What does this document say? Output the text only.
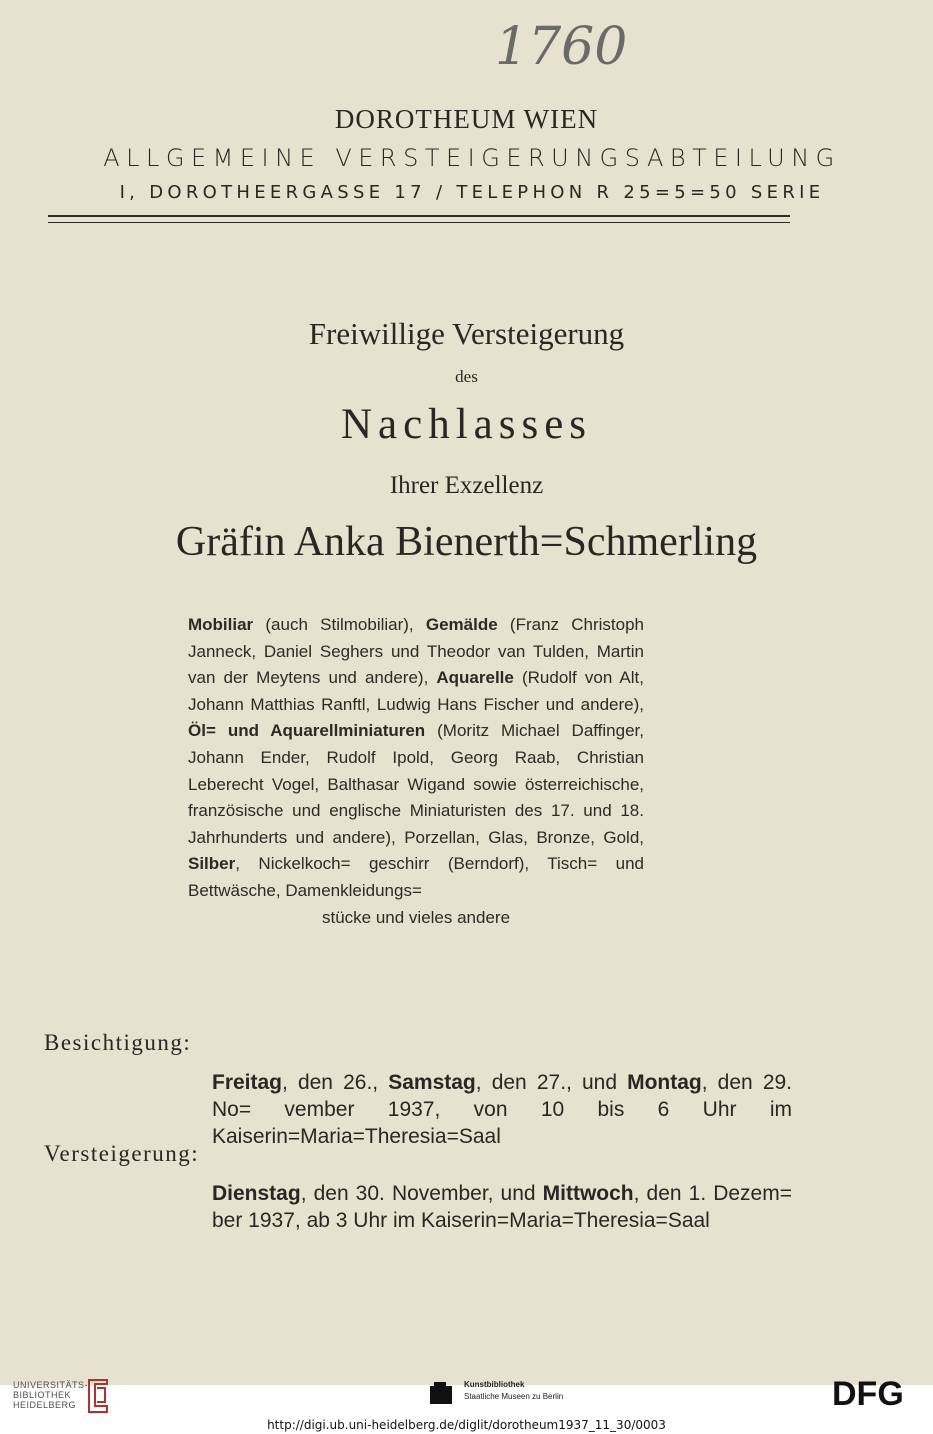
1760
DOROTHEUM WIEN
ALLGEMEINE VERSTEIGERUNGSABTEILUNG
I, DOROTHEERGASSE 17 / TELEPHON R 25=5=50 SERIE
Freiwillige Versteigerung
des
Nachlasses
Ihrer Exzellenz
Gräfin Anka Bienerth=Schmerling
Mobiliar (auch Stilmobiliar), Gemälde (Franz Christoph Janneck, Daniel Seghers und Theodor van Tulden, Martin van der Meytens und andere), Aquarelle (Rudolf von Alt, Johann Matthias Ranftl, Ludwig Hans Fischer und andere), Öl= und Aquarellminiaturen (Moritz Michael Daffinger, Johann Ender, Rudolf Ipold, Georg Raab, Christian Leberecht Vogel, Balthasar Wigand sowie österreichische, französische und englische Miniaturisten des 17. und 18. Jahrhunderts und andere), Porzellan, Glas, Bronze, Gold, Silber, Nickelkoch= geschirr (Berndorf), Tisch= und Bettwäsche, Damenkleidungs=
stücke und vieles andere
Besichtigung:
Freitag, den 26., Samstag, den 27., und Montag, den 29. No= vember 1937, von 10 bis 6 Uhr im Kaiserin=Maria=Theresia=Saal
Versteigerung:
Dienstag, den 30. November, und Mittwoch, den 1. Dezem= ber 1937, ab 3 Uhr im Kaiserin=Maria=Theresia=Saal
UNIVERSITÄTS-
BIBLIOTHEK
HEIDELBERG
Kunstbibliothek
Staatliche Museen zu Berlin	DFG
http://digi.ub.uni-heidelberg.de/diglit/dorotheum1937_11_30/0003
